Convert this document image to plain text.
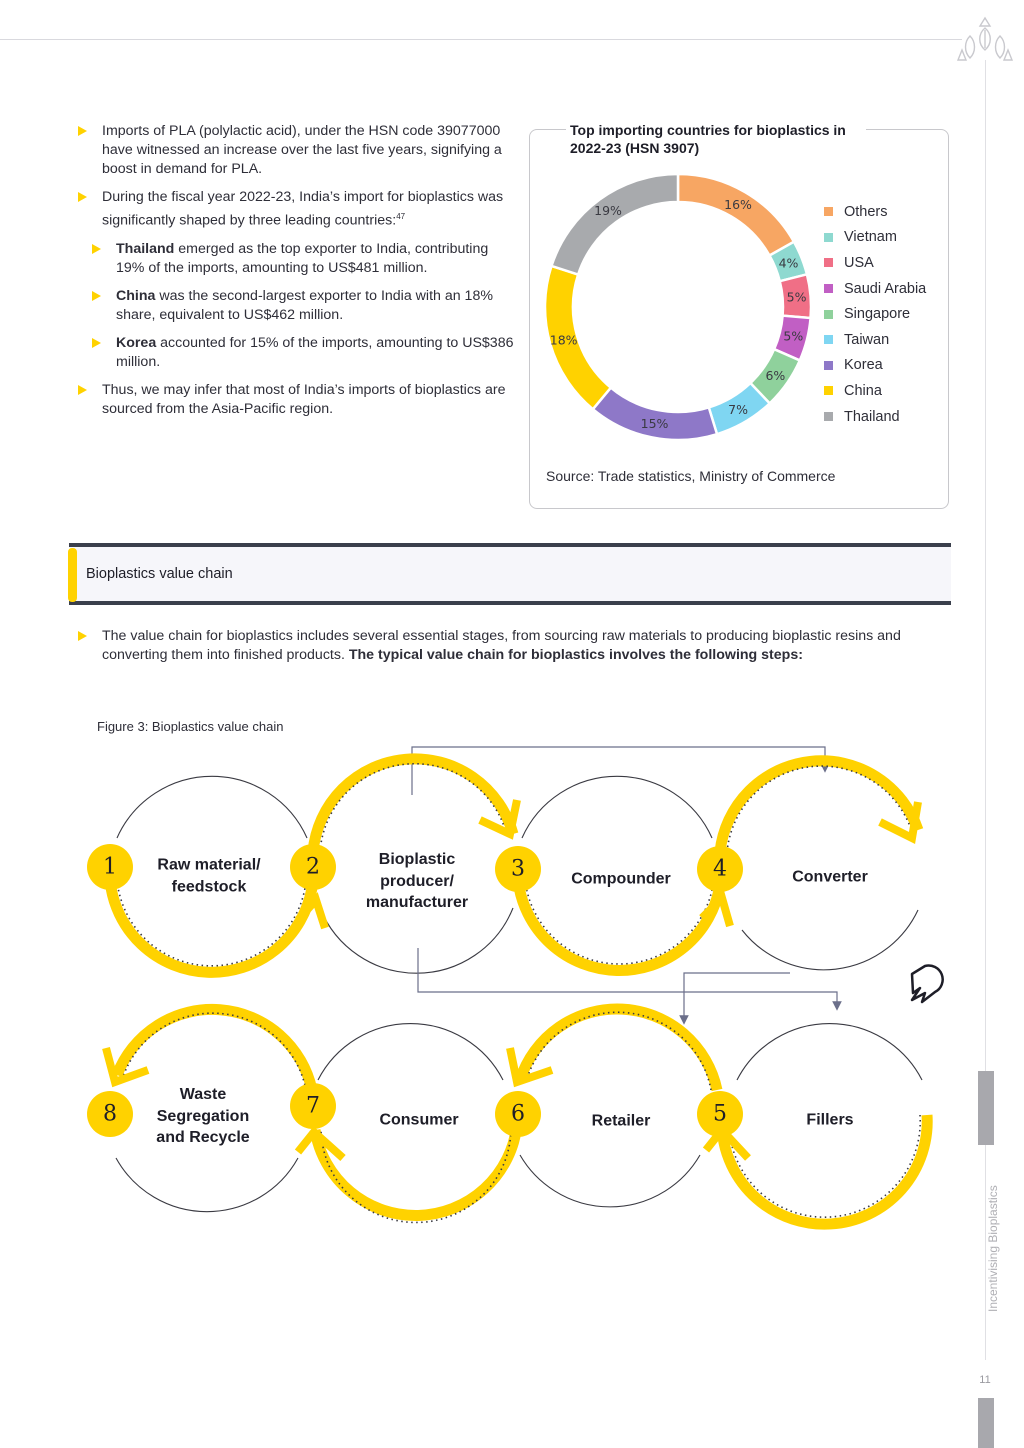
Incentivising Bioplastics
11
Imports of PLA (polylactic acid), under the HSN code 39077000 have witnessed an increase over the last five years, signifying a boost in demand for PLA.
During the fiscal year 2022-23, India’s import for bioplastics was significantly shaped by three leading countries:$^{47}$
Thailand emerged as the top exporter to India, contributing 19% of the imports, amounting to US$481 million.
China was the second-largest exporter to India with an 18% share, equivalent to US$462 million.
Korea accounted for 15% of the imports, amounting to US$386 million.
Thus, we may infer that most of India’s imports of bioplastics are sourced from the Asia-Pacific region.
Top importing countries for bioplastics in 2022-23 (HSN 3907)
16%
4%
5%
5%
6%
7%
15%
18%
19%	Others
Vietnam
USA
Saudi Arabia
Singapore
Taiwan
Korea
China
Thailand
Source: Trade statistics, Ministry of Commerce
Bioplastics value chain
The value chain for bioplastics includes several essential stages, from sourcing raw materials to producing bioplastic resins and converting them into finished products. The typical value chain for bioplastics involves the following steps:
Figure 3: Bioplastics value chain
1	2	3	4
5
6
7
8
Raw material/
feedstock
Bioplastic
producer/
manufacturer
Compounder	Converter
Fillers
Retailer
Consumer
Waste
Segregation
and Recycle
